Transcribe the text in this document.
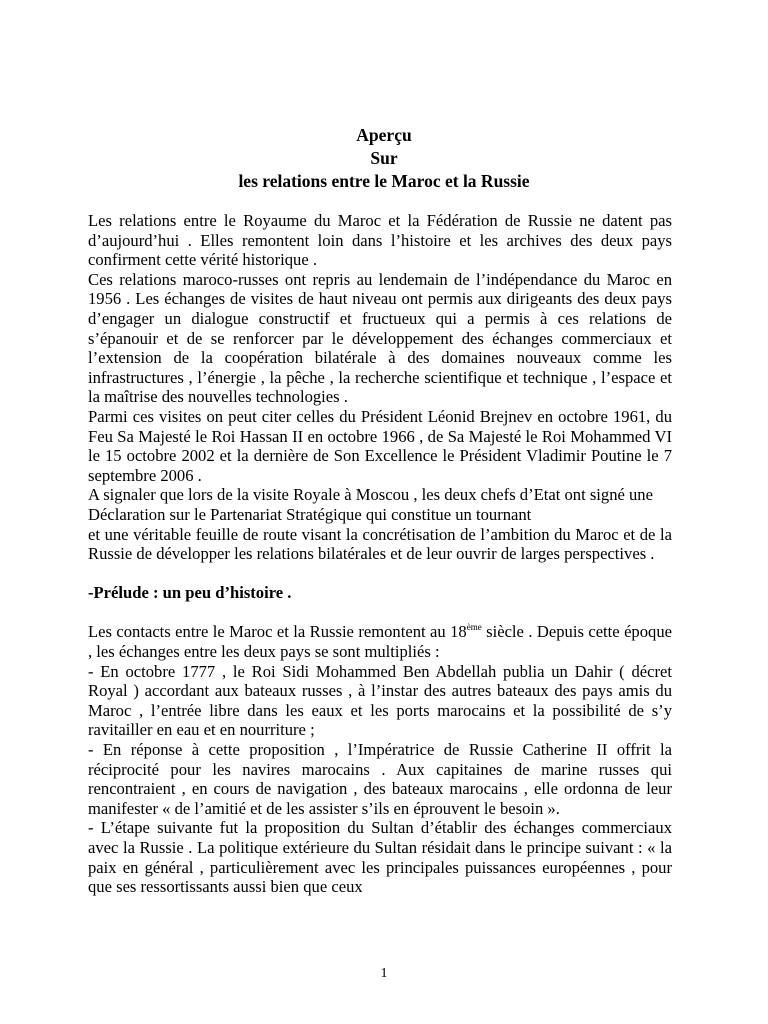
Aperçu
Sur
les relations entre le Maroc et la Russie

Les relations entre le Royaume du Maroc et la Fédération de Russie ne datent pas d’aujourd’hui . Elles remontent loin dans l’histoire et les archives des deux pays confirment cette vérité historique .

Ces relations maroco-russes ont repris au lendemain de l’indépendance du Maroc en 1956 . Les échanges de visites de haut niveau ont permis aux dirigeants des deux pays d’engager un dialogue constructif et fructueux qui a permis à ces relations de s’épanouir et de se renforcer par le développement des échanges commerciaux et l’extension de la coopération bilatérale à des domaines nouveaux comme les infrastructures , l’énergie , la pêche , la recherche scientifique et technique , l’espace et la maîtrise des nouvelles technologies .

Parmi ces visites on peut citer celles du Président Léonid Brejnev en octobre 1961, du Feu Sa Majesté le Roi Hassan II en octobre 1966 , de Sa Majesté le Roi Mohammed VI le 15 octobre 2002 et la dernière de Son Excellence le Président Vladimir Poutine le 7 septembre 2006 .

A signaler que lors de la visite Royale à Moscou , les deux chefs d’Etat ont signé une Déclaration sur le Partenariat Stratégique qui constitue un tournant

et une véritable feuille de route visant la concrétisation de l’ambition du Maroc et de la Russie de développer les relations bilatérales et de leur ouvrir de larges perspectives .

-Prélude : un peu d’histoire .

Les contacts entre le Maroc et la Russie remontent au 18ème siècle . Depuis cette époque , les échanges entre les deux pays se sont multipliés :

- En octobre 1777 , le Roi Sidi Mohammed Ben Abdellah publia un Dahir ( décret Royal ) accordant aux bateaux russes , à l’instar des autres bateaux des pays amis du Maroc , l’entrée libre dans les eaux et les ports marocains et la possibilité de s’y ravitailler en eau et en nourriture ;

- En réponse à cette proposition , l’Impératrice de Russie Catherine II offrit la réciprocité pour les navires marocains . Aux capitaines de marine russes qui rencontraient , en cours de navigation , des bateaux marocains , elle ordonna de leur manifester « de l’amitié et de les assister s’ils en éprouvent le besoin ».

- L’étape suivante fut la proposition du Sultan d’établir des échanges commerciaux avec la Russie . La politique extérieure du Sultan résidait dans le principe suivant : « la paix en général , particulièrement avec les principales puissances européennes , pour que ses ressortissants aussi bien que ceux

1
